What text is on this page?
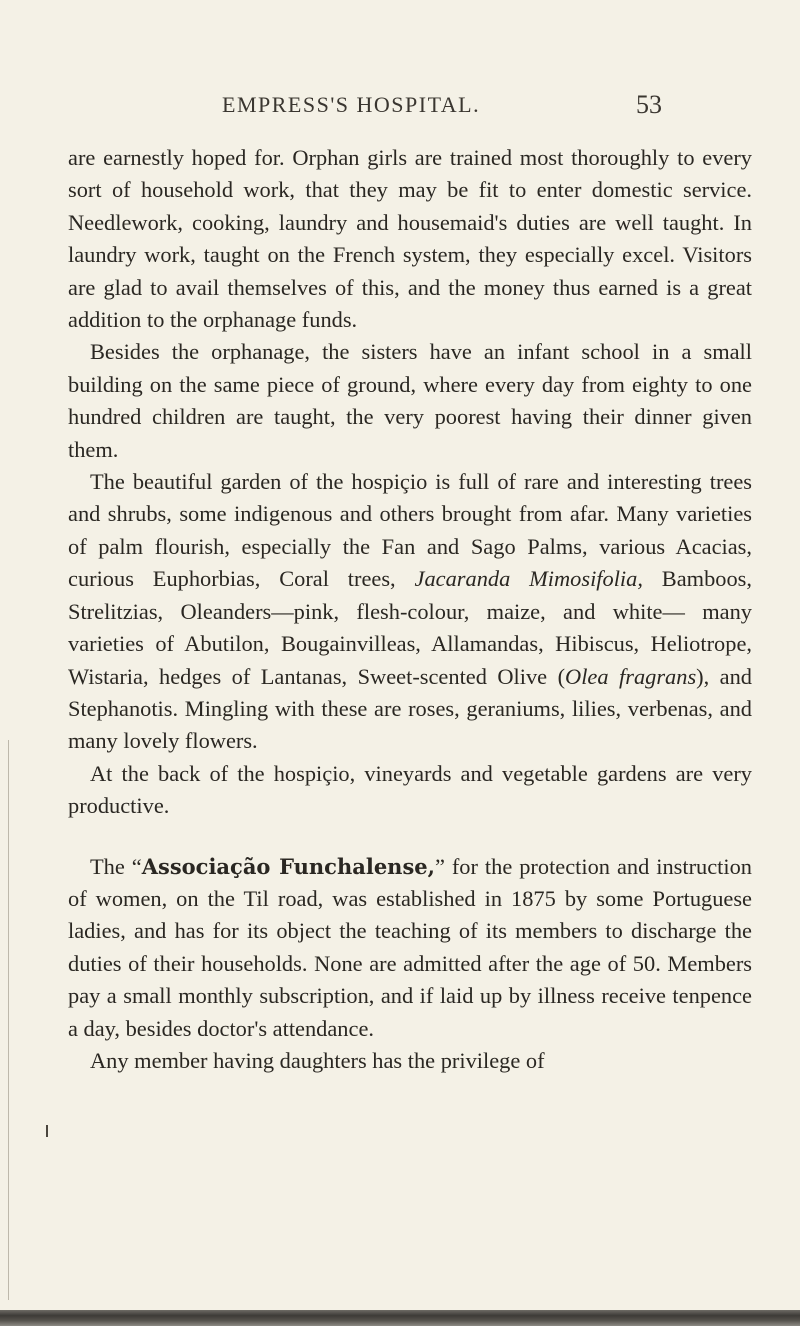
EMPRESS'S HOSPITAL.	53

are earnestly hoped for. Orphan girls are trained most thoroughly to every sort of household work, that they may be fit to enter domestic service. Needlework, cooking, laundry and housemaid's duties are well taught. In laundry work, taught on the French system, they especially excel. Visitors are glad to avail themselves of this, and the money thus earned is a great addition to the orphanage funds.

Besides the orphanage, the sisters have an infant school in a small building on the same piece of ground, where every day from eighty to one hundred children are taught, the very poorest having their dinner given them.

The beautiful garden of the hospiçio is full of rare and interesting trees and shrubs, some indigenous and others brought from afar. Many varieties of palm flourish, especially the Fan and Sago Palms, various Acacias, curious Euphorbias, Coral trees, Jacaranda Mimosifolia, Bamboos, Strelitzias, Oleanders—pink, flesh-colour, maize, and white— many varieties of Abutilon, Bougainvilleas, Allamandas, Hibiscus, Heliotrope, Wistaria, hedges of Lantanas, Sweet-scented Olive (Olea fragrans), and Stephanotis. Mingling with these are roses, geraniums, lilies, verbenas, and many lovely flowers.

At the back of the hospiçio, vineyards and vegetable gardens are very productive.

The “Associação Funchalense,” for the protection and instruction of women, on the Til road, was established in 1875 by some Portuguese ladies, and has for its object the teaching of its members to discharge the duties of their households. None are admitted after the age of 50. Members pay a small monthly subscription, and if laid up by illness receive tenpence a day, besides doctor's attendance.

Any member having daughters has the privilege of
